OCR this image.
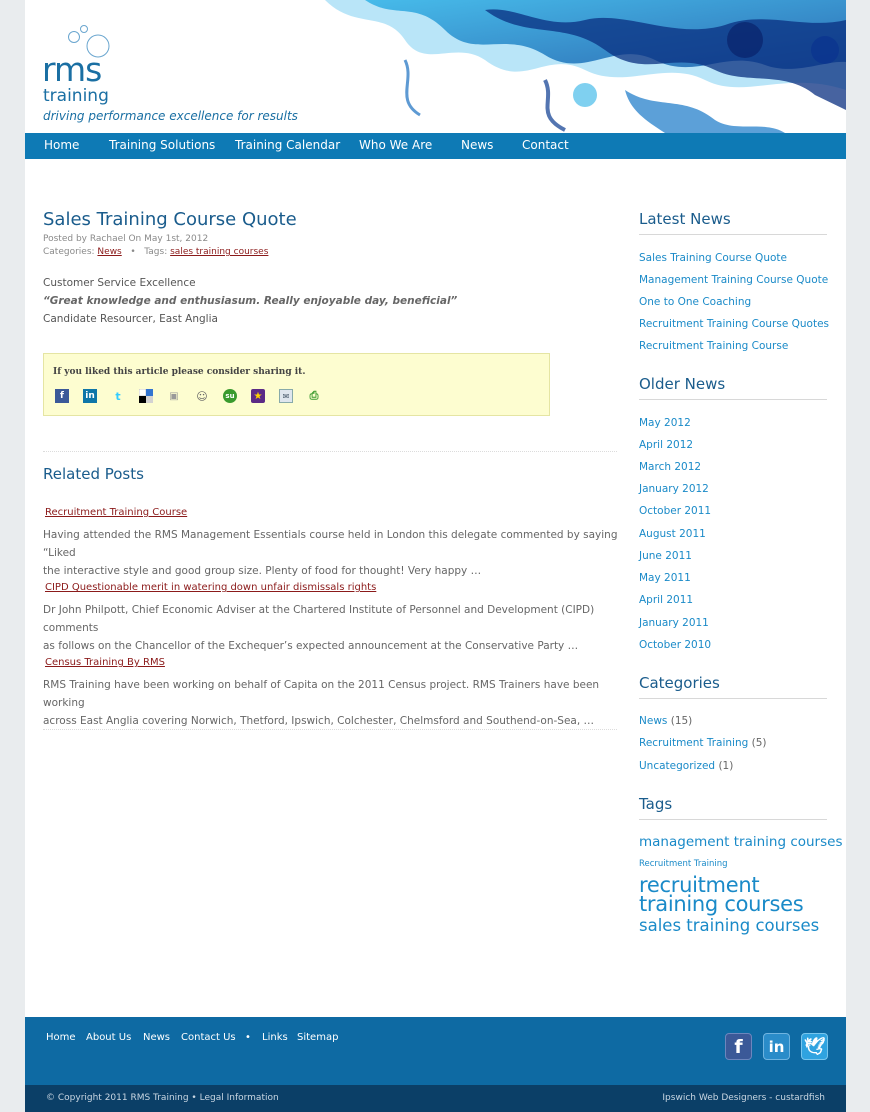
rms
training
driving performance excellence for results
Home Training Solutions Training Calendar Who We Are News Contact
Sales Training Course Quote
Posted by Rachael On May 1st, 2012
Categories: News   •   Tags: sales training courses
Customer Service Excellence
“Great knowledge and enthusiasum. Really enjoyable day, beneficial”
Candidate Resourcer, East Anglia
If you liked this article please consider sharing it.
f	in	t	▣ ☺	su ★	✉	⎙
Related Posts
Recruitment Training Course
Having attended the RMS Management Essentials course held in London this delegate commented by saying “Liked
the interactive style and good group size. Plenty of food for thought! Very happy …
CIPD Questionable merit in watering down unfair dismissals rights
Dr John Philpott, Chief Economic Adviser at the Chartered Institute of Personnel and Development (CIPD) comments
as follows on the Chancellor of the Exchequer’s expected announcement at the Conservative Party …
Census Training By RMS
RMS Training have been working on behalf of Capita on the 2011 Census project. RMS Trainers have been working
across East Anglia covering Norwich, Thetford, Ipswich, Colchester, Chelmsford and Southend-on-Sea, …
Latest News
Sales Training Course Quote
Management Training Course Quote
One to One Coaching
Recruitment Training Course Quotes
Recruitment Training Course
Older News
May 2012
April 2012
March 2012
January 2012
October 2011
August 2011
June 2011
May 2011
April 2011
January 2011
October 2010
Categories
News (15)
Recruitment Training (5)
Uncategorized (1)
Tags
management training courses
Recruitment Training
recruitment
training courses
sales training courses
Home About Us News Contact Us • Links Sitemap	f	in	🕊
© Copyright 2011 RMS Training • Legal Information	Ipswich Web Designers - custardfish
